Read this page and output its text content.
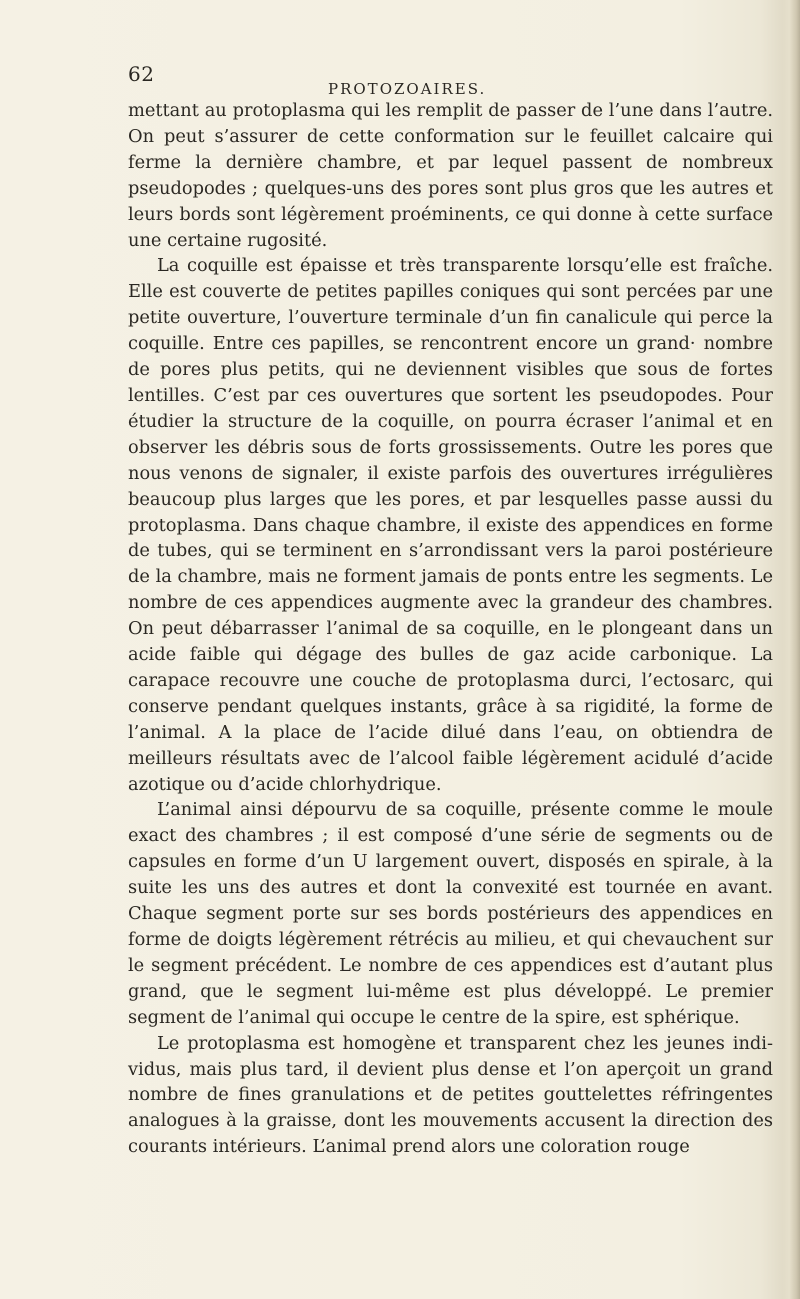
62
PROTOZOAIRES.

mettant au protoplasma qui les remplit de passer de l’une dans l’autre. On peut s’assurer de cette conformation sur le feuillet calcaire qui ferme la dernière chambre, et par lequel passent de nombreux pseudopodes ; quelques-uns des pores sont plus gros que les autres et leurs bords sont légèrement proéminents, ce qui donne à cette surface une certaine rugosité.

La coquille est épaisse et très transparente lorsqu’elle est fraîche. Elle est couverte de petites papilles coniques qui sont percées par une petite ouverture, l’ouverture terminale d’un fin canalicule qui perce la coquille. Entre ces papilles, se rencontrent encore un grand· nombre de pores plus petits, qui ne deviennent visibles que sous de fortes lentilles. C’est par ces ouvertures que sortent les pseudopodes. Pour étudier la structure de la coquille, on pourra écraser l’animal et en observer les débris sous de forts grossissements. Outre les pores que nous venons de signaler, il existe parfois des ouvertures irrégulières beaucoup plus larges que les pores, et par lesquelles passe aussi du protoplasma. Dans chaque chambre, il existe des appendices en forme de tubes, qui se terminent en s’arrondissant vers la paroi postérieure de la chambre, mais ne forment jamais de ponts entre les segments. Le nombre de ces appendices augmente avec la grandeur des chambres. On peut débarrasser l’animal de sa coquille, en le plongeant dans un acide faible qui dégage des bulles de gaz acide carbonique. La carapace recouvre une couche de protoplasma durci, l’ectosarc, qui conserve pendant quelques instants, grâce à sa rigidité, la forme de l’animal. A la place de l’acide dilué dans l’eau, on obtiendra de meilleurs résultats avec de l’alcool faible légèrement acidulé d’acide azotique ou d’acide chlorhydrique.

L’animal ainsi dépourvu de sa coquille, présente comme le moule exact des chambres ; il est composé d’une série de segments ou de capsules en forme d’un U largement ouvert, disposés en spirale, à la suite les uns des autres et dont la convexité est tournée en avant. Chaque segment porte sur ses bords postérieurs des appendices en forme de doigts légèrement rétrécis au milieu, et qui chevauchent sur le segment précédent. Le nombre de ces appendices est d’autant plus grand, que le segment lui-même est plus développé. Le premier segment de l’animal qui occupe le centre de la spire, est sphérique.

Le protoplasma est homogène et transparent chez les jeunes individus, mais plus tard, il devient plus dense et l’on aperçoit un grand nombre de fines granulations et de petites gouttelettes réfringentes analogues à la graisse, dont les mouvements accusent la direction des courants intérieurs. L’animal prend alors une coloration rouge
